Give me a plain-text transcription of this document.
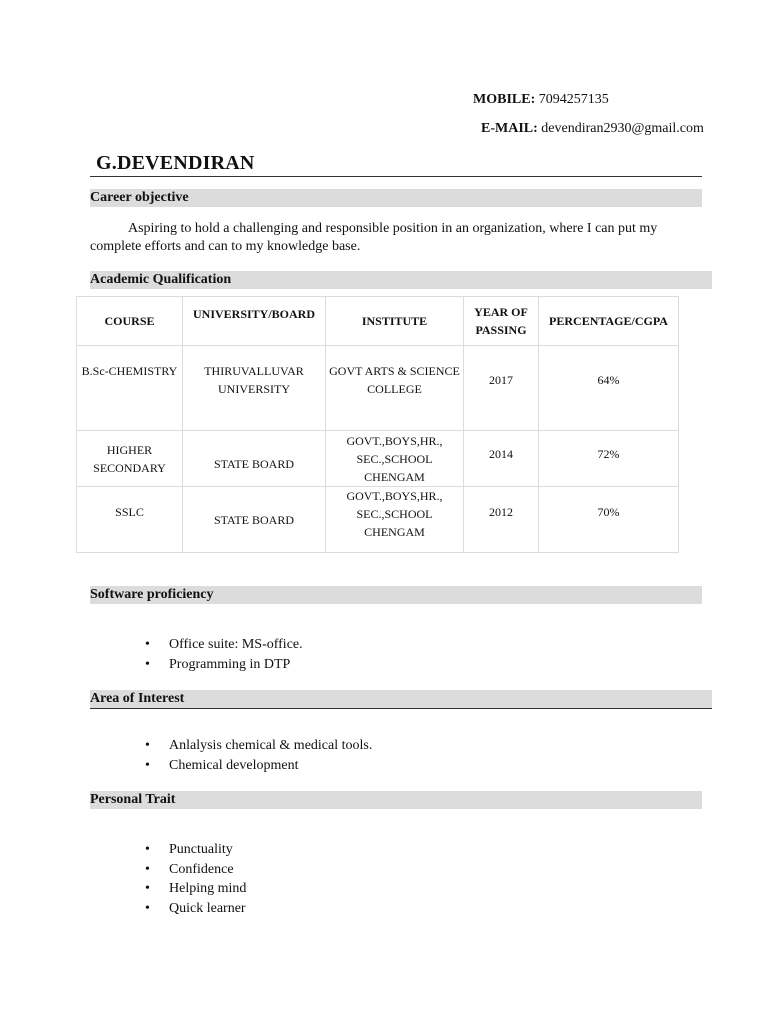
MOBILE: 7094257135
E-MAIL: devendiran2930@gmail.com
G.DEVENDIRAN
Career objective
Aspiring to hold a challenging and responsible position in an organization, where I can put my complete efforts and can to my knowledge base.
Academic Qualification
COURSE	UNIVERSITY/BOARD	INSTITUTE	YEAR OF PASSING	PERCENTAGE/CGPA
B.Sc-CHEMISTRY	THIRUVALLUVAR UNIVERSITY	GOVT ARTS & SCIENCE COLLEGE	2017	64%
HIGHER SECONDARY	STATE BOARD	GOVT.,BOYS,HR., SEC.,SCHOOL CHENGAM	2014	72%
SSLC	STATE BOARD	GOVT.,BOYS,HR., SEC.,SCHOOL CHENGAM	2012	70%
Software proficiency
• Office suite: MS-office.
• Programming in DTP
Area of Interest
• Anlalysis chemical & medical tools.
• Chemical development
Personal Trait
• Punctuality
• Confidence
• Helping mind
• Quick learner
